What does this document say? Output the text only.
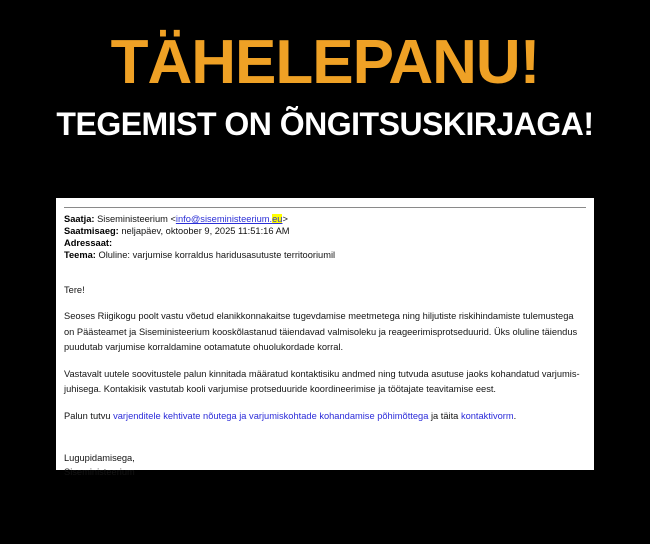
TÄHELEPANU!
TEGEMIST ON ÕNGITSUSKIRJAGA!
Saatja: Siseministeerium <info@siseministeerium.eu>
Saatmisaeg: neljapäev, oktoober 9, 2025 11:51:16 AM
Adressaat:
Teema: Oluline: varjumise korraldus haridusasutuste territooriumil

Tere!

Seoses Riigikogu poolt vastu võetud elanikkonnakaitse tugevdamise meetmetega ning hiljutiste riskihindamiste tulemustega
on Päästeamet ja Siseministeerium kooskõlastanud täiendavad valmisoleku ja reageerimisprotseduurid. Üks oluline täiendus
puudutab varjumise korraldamine ootamatute ohuolukordade korral.

Vastavalt uutele soovitustele palun kinnitada määratud kontaktisiku andmed ning tutvuda asutuse jaoks kohandatud varjumis-
juhisega. Kontakisik vastutab kooli varjumise protseduuride koordineerimise ja töötajate teavitamise eest.

Palun tutvu varjenditele kehtivate nõutega ja varjumiskohtade kohandamise põhimõttega ja täita kontaktivorm.

Lugupidamisega,
Siseministeerium
